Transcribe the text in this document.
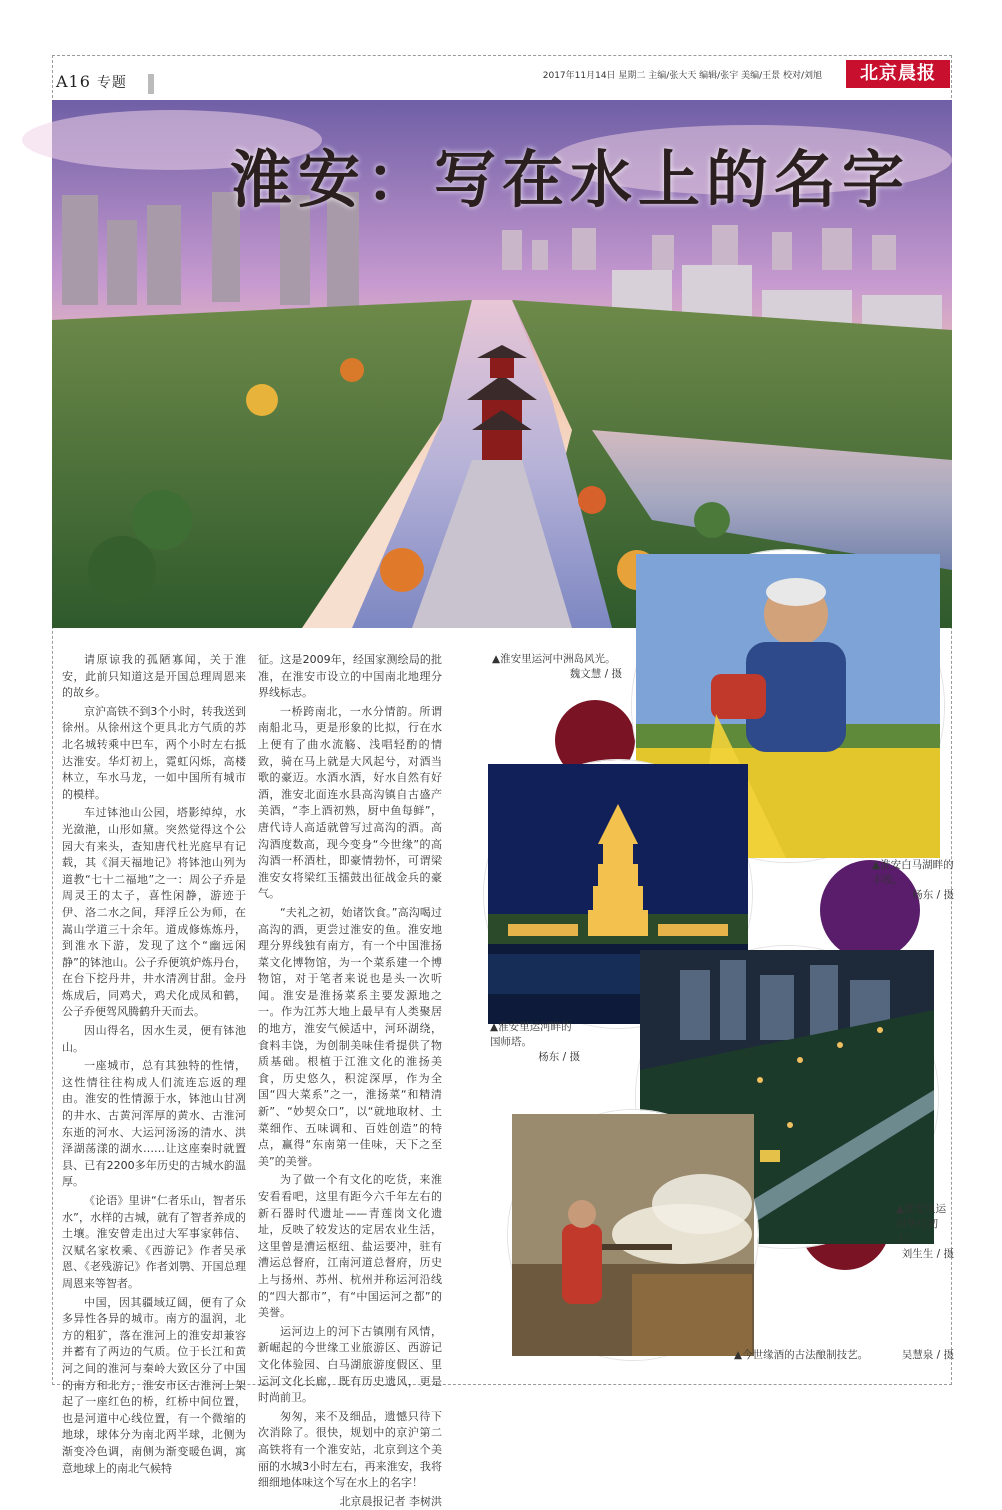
A16 专题	2017年11月14日 星期二 主编/张大天 编辑/张宇 美编/王景 校对/刘旭	北京晨报
淮安：写在水上的名字

请原谅我的孤陋寡闻，关于淮安，此前只知道这是开国总理周恩来的故乡。

京沪高铁不到3个小时，转我送到徐州。从徐州这个更具北方气质的苏北名城转乘中巴车，两个小时左右抵达淮安。华灯初上，霓虹闪烁，高楼林立，车水马龙，一如中国所有城市的模样。

车过钵池山公园，塔影绰绰，水光潋滟，山形如黛。突然觉得这个公园大有来头，查知唐代杜光庭早有记载，其《洞天福地记》将钵池山列为道教“七十二福地”之一：周公子乔是周灵王的太子，喜性闲静，游迹于伊、洛二水之间，拜浮丘公为师，在嵩山学道三十余年。道成修炼炼丹，到淮水下游，发现了这个“幽远闲静”的钵池山。公子乔便筑炉炼丹台，在台下挖丹井，井水清冽甘甜。金丹炼成后，同鸡犬，鸡犬化成凤和鹤，公子乔便驾风腾鹤升天而去。

因山得名，因水生灵，便有钵池山。

一座城市，总有其独特的性情，这性情往往构成人们流连忘返的理由。淮安的性情源于水，钵池山甘冽的井水、古黄河浑厚的黄水、古淮河东逝的河水、大运河汤汤的清水、洪泽湖荡漾的湖水……让这座秦时就置县、已有2200多年历史的古城水韵温厚。

《论语》里讲“仁者乐山，智者乐水”，水样的古城，就有了智者养成的土壤。淮安曾走出过大军事家韩信、汉赋名家枚乘、《西游记》作者吴承恩、《老残游记》作者刘鹗、开国总理周恩来等智者。

中国，因其疆域辽阔，便有了众多异性各异的城市。南方的温润，北方的粗犷，落在淮河上的淮安却兼容并蓄有了两边的气质。位于长江和黄河之间的淮河与秦岭大致区分了中国的南方和北方，淮安市区古淮河上架起了一座红色的桥，红桥中间位置，也是河道中心线位置，有一个微缩的地球，球体分为南北两半球，北侧为渐变冷色调，南侧为渐变暖色调，寓意地球上的南北气候特

征。这是2009年，经国家测绘局的批准，在淮安市设立的中国南北地理分界线标志。

一桥跨南北，一水分情韵。所谓南船北马，更是形象的比拟，行在水上便有了曲水流觞、浅唱轻酌的情致，骑在马上就是大风起兮，对酒当歌的豪迈。水酒水酒，好水自然有好酒，淮安北面连水县高沟镇自古盛产美酒，“李上酒初熟，厨中鱼每鲜”，唐代诗人高适就曾写过高沟的酒。高沟酒度数高，现今变身“今世缘”的高沟酒一杯酒杜，即豪情勃怀，可谓梁淮安女将梁红玉擂鼓出征战金兵的豪气。

“夫礼之初，始诸饮食。”高沟喝过高沟的酒，更尝过淮安的鱼。淮安地理分界线独有南方，有一个中国淮扬菜文化博物馆，为一个菜系建一个博物馆，对于笔者来说也是头一次听闻。淮安是淮扬菜系主要发源地之一。作为江苏大地上最早有人类聚居的地方，淮安气候适中，河环湖绕，食料丰饶，为创制美味佳肴提供了物质基础。根植于江淮文化的淮扬美食，历史悠久，积淀深厚，作为全国“四大菜系”之一，淮扬菜“和精清新”、“妙契众口”，以“就地取材、土菜细作、五味调和、百姓创造”的特点，赢得“东南第一佳味，天下之至美”的美誉。

为了做一个有文化的吃货，来淮安看看吧，这里有距今六千年左右的新石器时代遗址——青莲岗文化遗址，反映了较发达的定居农业生活，这里曾是漕运枢纽、盐运要冲，驻有漕运总督府，江南河道总督府，历史上与扬州、苏州、杭州并称运河沿线的“四大都市”，有“中国运河之都”的美誉。

运河边上的河下古镇刚有风情，新崛起的今世缘工业旅游区、西游记文化体验园、白马湖旅游度假区、里运河文化长廊，既有历史遗风，更是时尚前卫。

匆匆，来不及细品，遗憾只待下次消除了。很快，规划中的京沪第二高铁将有一个淮安站，北京到这个美丽的水城3小时左右，再来淮安，我将细细地体味这个写在水上的名字！

北京晨报记者 李树洪
▲淮安里运河中洲岛风光。
魏文慧 / 摄
▲淮安白马湖畔的丰收。
杨东 / 摄
▲淮安里运河畔的国师塔。
杨东 / 摄
▲淮安里运河华灯初上。
刘生生 / 摄
▲今世缘酒的古法酿制技艺。	吴慧泉 / 摄
